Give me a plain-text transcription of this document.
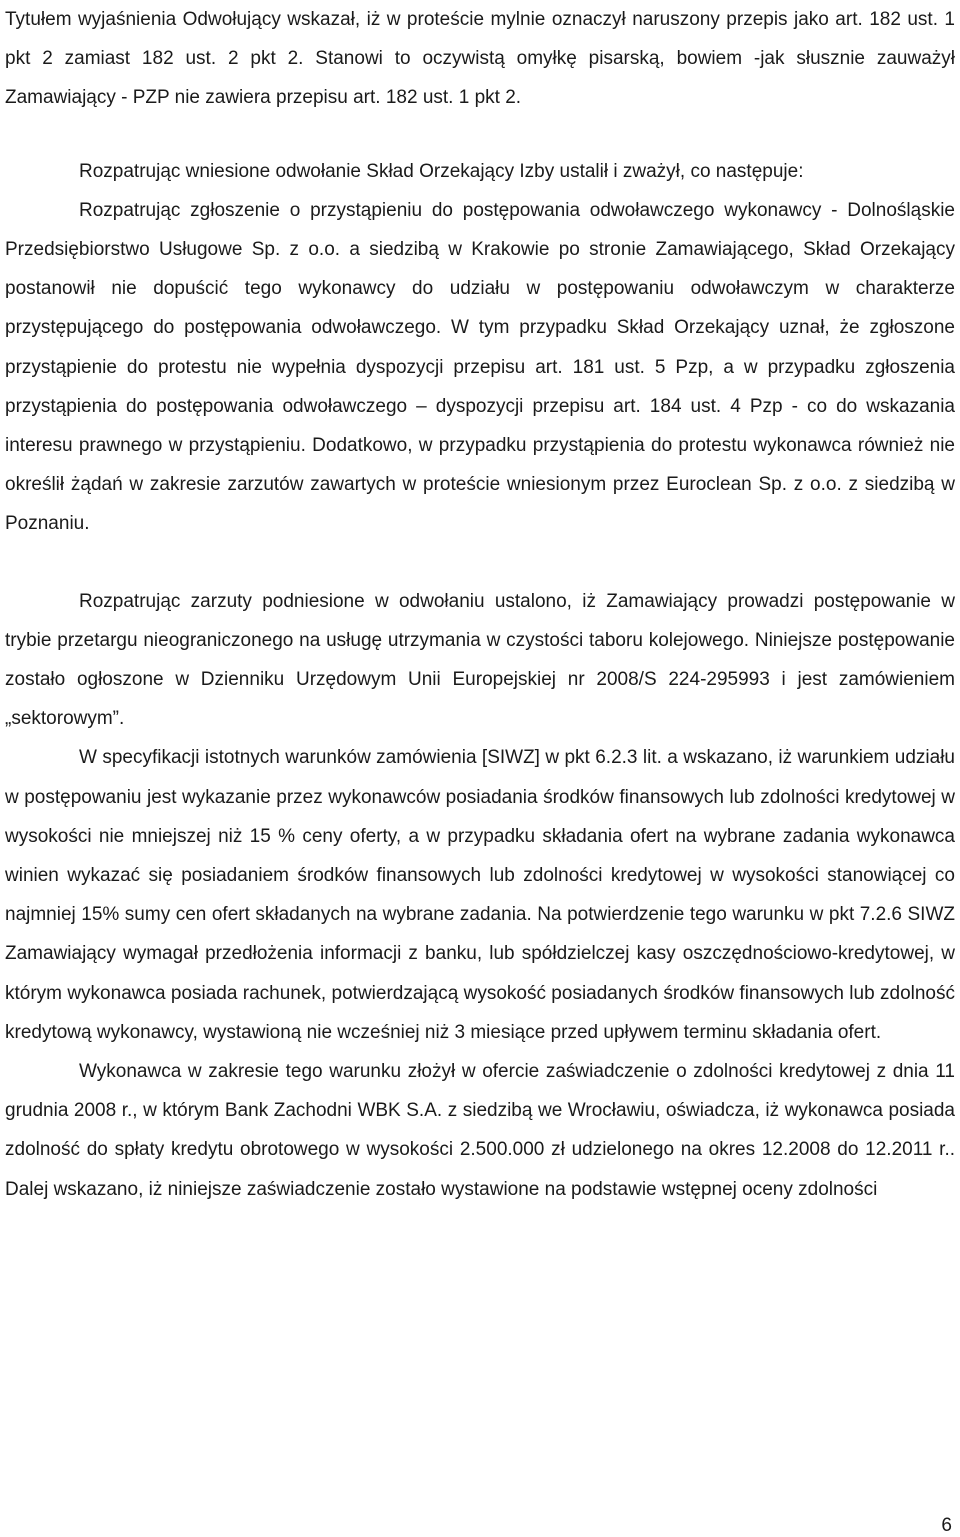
Tytułem wyjaśnienia Odwołujący wskazał, iż w proteście mylnie oznaczył naruszony przepis jako art. 182 ust. 1 pkt 2 zamiast 182 ust. 2 pkt 2. Stanowi to oczywistą omyłkę pisarską, bowiem -jak słusznie zauważył Zamawiający - PZP nie zawiera przepisu art. 182 ust. 1 pkt 2.

Rozpatrując wniesione odwołanie Skład Orzekający Izby ustalił i zważył, co następuje:

Rozpatrując zgłoszenie o przystąpieniu do postępowania odwoławczego wykonawcy - Dolnośląskie Przedsiębiorstwo Usługowe Sp. z o.o. a siedzibą w Krakowie po stronie Zamawiającego, Skład Orzekający postanowił nie dopuścić tego wykonawcy do udziału w postępowaniu odwoławczym w charakterze przystępującego do postępowania odwoławczego. W tym przypadku Skład Orzekający uznał, że zgłoszone przystąpienie do protestu nie wypełnia dyspozycji przepisu art. 181 ust. 5 Pzp, a w przypadku zgłoszenia przystąpienia do postępowania odwoławczego – dyspozycji przepisu art. 184 ust. 4 Pzp - co do wskazania interesu prawnego w przystąpieniu. Dodatkowo, w przypadku przystąpienia do protestu wykonawca również nie określił żądań w zakresie zarzutów zawartych w proteście wniesionym przez Euroclean Sp. z o.o. z siedzibą w Poznaniu.

Rozpatrując zarzuty podniesione w odwołaniu ustalono, iż Zamawiający prowadzi postępowanie w trybie przetargu nieograniczonego na usługę utrzymania w czystości taboru kolejowego. Niniejsze postępowanie zostało ogłoszone w Dzienniku Urzędowym Unii Europejskiej nr 2008/S 224-295993 i jest zamówieniem „sektorowym”.

W specyfikacji istotnych warunków zamówienia [SIWZ] w pkt 6.2.3 lit. a wskazano, iż warunkiem udziału w postępowaniu jest wykazanie przez wykonawców posiadania środków finansowych lub zdolności kredytowej w wysokości nie mniejszej niż 15 % ceny oferty, a w przypadku składania ofert na wybrane zadania wykonawca winien wykazać się posiadaniem środków finansowych lub zdolności kredytowej w wysokości stanowiącej co najmniej 15% sumy cen ofert składanych na wybrane zadania. Na potwierdzenie tego warunku w pkt 7.2.6 SIWZ Zamawiający wymagał przedłożenia informacji z banku, lub spółdzielczej kasy oszczędnościowo-kredytowej, w którym wykonawca posiada rachunek, potwierdzającą wysokość posiadanych środków finansowych lub zdolność kredytową wykonawcy, wystawioną nie wcześniej niż 3 miesiące przed upływem terminu składania ofert.

Wykonawca w zakresie tego warunku złożył w ofercie zaświadczenie o zdolności kredytowej z dnia 11 grudnia 2008 r., w którym Bank Zachodni WBK S.A. z siedzibą we Wrocławiu, oświadcza, iż wykonawca posiada zdolność do spłaty kredytu obrotowego w wysokości 2.500.000 zł udzielonego na okres 12.2008 do 12.2011 r.. Dalej wskazano, iż niniejsze zaświadczenie zostało wystawione na podstawie wstępnej oceny zdolności

6
